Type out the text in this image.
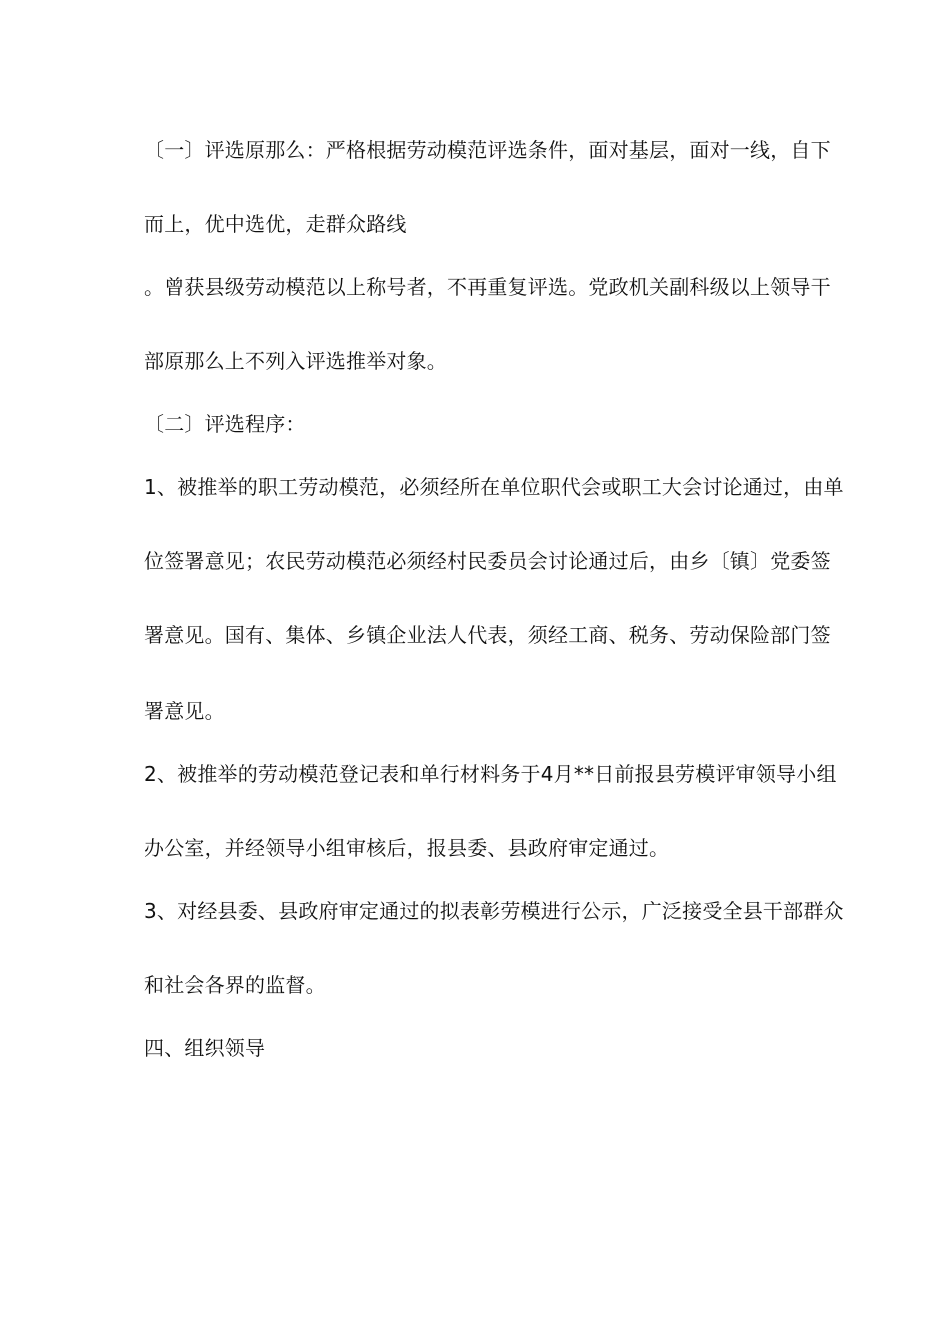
〔一〕评选原那么：严格根据劳动模范评选条件，面对基层，面对一线，自下

而上，优中选优，走群众路线

。曾获县级劳动模范以上称号者，不再重复评选。党政机关副科级以上领导干

部原那么上不列入评选推举对象。

〔二〕评选程序：

1、被推举的职工劳动模范，必须经所在单位职代会或职工大会讨论通过，由单

位签署意见；农民劳动模范必须经村民委员会讨论通过后，由乡〔镇〕党委签

署意见。国有、集体、乡镇企业法人代表，须经工商、税务、劳动保险部门签

署意见。

2、被推举的劳动模范登记表和单行材料务于4月**日前报县劳模评审领导小组

办公室，并经领导小组审核后，报县委、县政府审定通过。

3、对经县委、县政府审定通过的拟表彰劳模进行公示，广泛接受全县干部群众

和社会各界的监督。

四、组织领导
